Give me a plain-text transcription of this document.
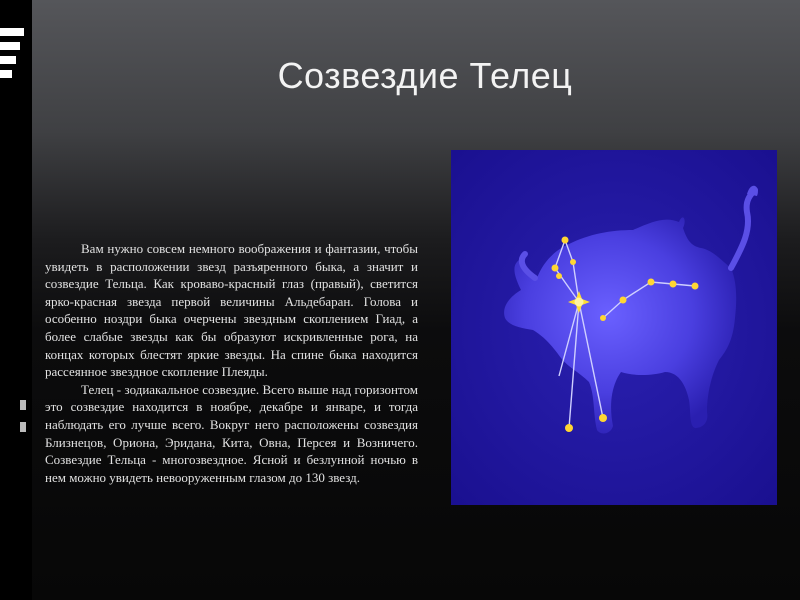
Созвездие Телец

Вам нужно совсем немного воображения и фантазии, чтобы увидеть в расположении звезд разъяренного быка, а значит и созвездие Тельца. Как кроваво-красный глаз (правый), светится ярко-красная звезда первой величины Альдебаран. Голова и особенно ноздри быка очерчены звездным скоплением Гиад, а более слабые звезды как бы образуют искривленные рога, на концах которых блестят яркие звезды. На спине быка находится рассеянное звездное скопление Плеяды.

Телец - зодиакальное созвездие. Всего выше над горизонтом это созвездие находится в ноябре, декабре и январе, и тогда наблюдать его лучше всего. Вокруг него расположены созвездия Близнецов, Ориона, Эридана, Кита, Овна, Персея и Возничего. Созвездие Тельца - многозвездное. Ясной и безлунной ночью в нем можно увидеть невооруженным глазом до 130 звезд.
